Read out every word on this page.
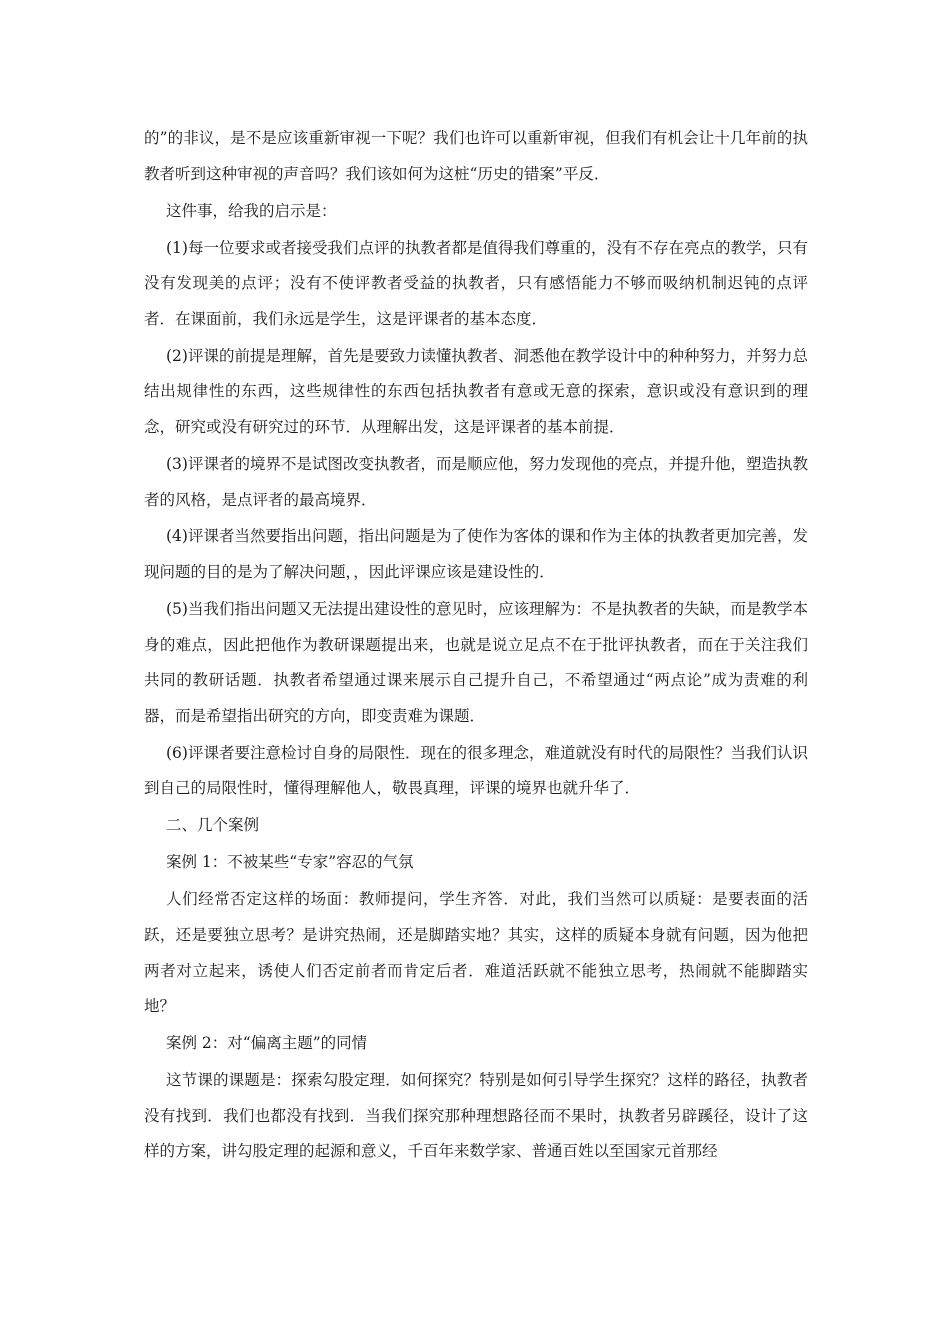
的”的非议，是不是应该重新审视一下呢？我们也许可以重新审视，但我们有机会让十几年前的执教者听到这种审视的声音吗？我们该如何为这桩“历史的错案”平反．

这件事，给我的启示是：

(1)每一位要求或者接受我们点评的执教者都是值得我们尊重的，没有不存在亮点的教学，只有没有发现美的点评；没有不使评教者受益的执教者，只有感悟能力不够而吸纳机制迟钝的点评者．在课面前，我们永远是学生，这是评课者的基本态度．

(2)评课的前提是理解，首先是要致力读懂执教者、洞悉他在教学设计中的种种努力，并努力总结出规律性的东西，这些规律性的东西包括执教者有意或无意的探索，意识或没有意识到的理念，研究或没有研究过的环节．从理解出发，这是评课者的基本前提．

(3)评课者的境界不是试图改变执教者，而是顺应他，努力发现他的亮点，并提升他，塑造执教者的风格，是点评者的最高境界．

(4)评课者当然要指出问题，指出问题是为了使作为客体的课和作为主体的执教者更加完善，发现问题的目的是为了解决问题，，因此评课应该是建设性的．

(5)当我们指出问题又无法提出建设性的意见时，应该理解为：不是执教者的失缺，而是教学本身的难点，因此把他作为教研课题提出来，也就是说立足点不在于批评执教者，而在于关注我们共同的教研话题．执教者希望通过课来展示自己提升自己，不希望通过“两点论”成为责难的利器，而是希望指出研究的方向，即变责难为课题．

(6)评课者要注意检讨自身的局限性．现在的很多理念，难道就没有时代的局限性？当我们认识到自己的局限性时，懂得理解他人，敬畏真理，评课的境界也就升华了．

二、几个案例

案例 1：不被某些“专家”容忍的气氛

人们经常否定这样的场面：教师提问，学生齐答．对此，我们当然可以质疑：是要表面的活跃，还是要独立思考？是讲究热闹，还是脚踏实地？其实，这样的质疑本身就有问题，因为他把两者对立起来，诱使人们否定前者而肯定后者．难道活跃就不能独立思考，热闹就不能脚踏实地？

案例 2：对“偏离主题”的同情

这节课的课题是：探索勾股定理．如何探究？特别是如何引导学生探究？这样的路径，执教者没有找到．我们也都没有找到．当我们探究那种理想路径而不果时，执教者另辟蹊径，设计了这样的方案，讲勾股定理的起源和意义，千百年来数学家、普通百姓以至国家元首那经
